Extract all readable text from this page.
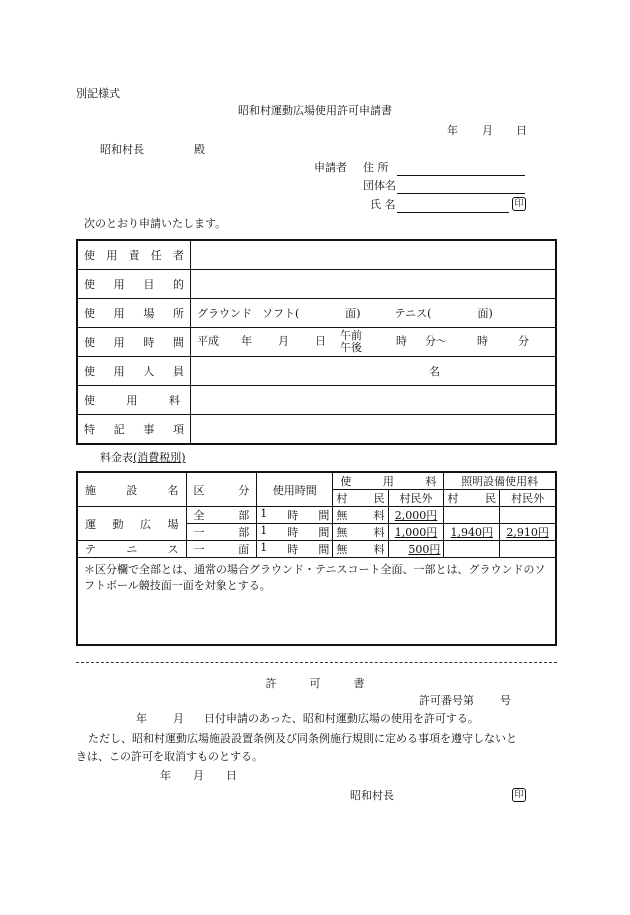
別記様式
昭和村運動広場使用許可申請書
年 月 日
昭和村長	殿
申請者 住 所
団体名
氏 名	印
次のとおり申請いたします。
使 用 責 任 者	

使 用 目 的	

使 用 場 所	グラウンド ソフト( 面) テニス( 面)

使 用 時 間	平成 年 月 日 午前
午後 時 分〜 時 分

使 用 人 員	名

使 用 料	

特 記 事 項	

料金表(消費税別)
施 設 名	区 分	使用時間	使 用 料		照明設備使用料	

			村 民	村民外	村 民	村民外

運 動 広 場	全 部	1 時 間	無 料	2,000円		

	一 部	1 時 間	無 料	1,000円	1,940円	2,910円

テ ニ ス	一 面	1 時 間	無 料	500円		
＊区分欄で全部とは、通常の場合グラウンド・テニスコート全面、一部とは、グラウンドのソフトボール競技面一面を対象とする。						
許　　　可　　　書
許可番号第 号
年 月 日付申請のあった、昭和村運動広場の使用を許可する。
ただし、昭和村運動広場施設設置条例及び同条例施行規則に定める事項を遵守しないと
きは、この許可を取消すものとする。
年 月 日
昭和村長	印
